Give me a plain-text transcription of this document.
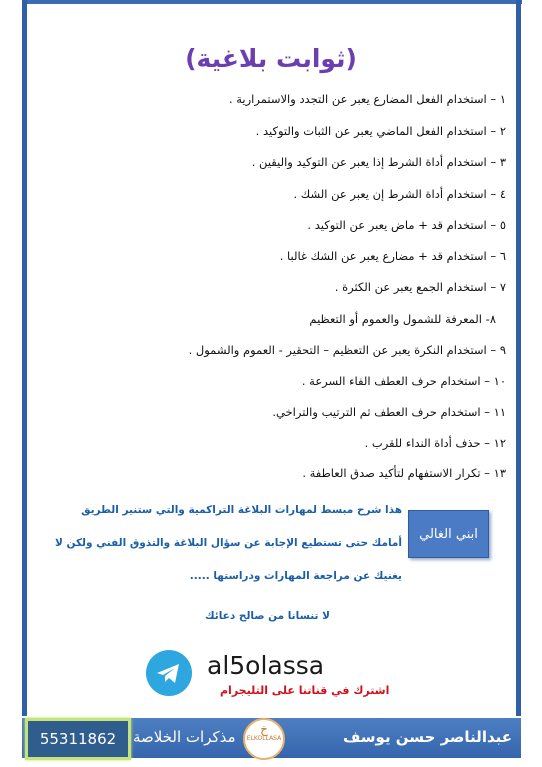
(ثوابت بلاغية)
١ – استخدام الفعل المضارع يعبر عن التجدد والاستمرارية .
٢ – استخدام الفعل الماضي يعبر عن الثبات والتوكيد .
٣ – استخدام أداة الشرط إذا يعبر عن التوكيد واليقين .
٤ – استخدام أداة الشرط إن يعبر عن الشك .
٥ – استخدام قد + ماض يعبر عن التوكيد .
٦ – استخدام قد + مضارع يعبر عن الشك غالبا .
٧ – استخدام الجمع يعبر عن الكثرة .
٨- المعرفة للشمول والعموم أو التعظيم
٩ – استخدام النكرة يعبر عن التعظيم – التحقير - العموم والشمول .
١٠ – استخدام حرف العطف الفاء السرعة .
١١ – استخدام حرف العطف ثم الترتيب والتراخي.
١٢ – حذف أداة النداء للقرب .
١٣ – تكرار الاستفهام لتأكيد صدق العاطفة .
ابني الغالي
هذا شرح مبسط لمهارات البلاغة التراكمية والتي ستنير الطريق
أمامك حتى تستطيع الإجابة عن سؤال البلاغة والتذوق الفني ولكن لا
يغنيك عن مراجعة المهارات ودراستها .....
لا تنسانا من صالح دعائك
al5olassa
اشترك في قناتنا على التليجرام
عبدالناصر حسن يوسف
خ
ELKOLLASA
مذكرات الخلاصة
55311862
